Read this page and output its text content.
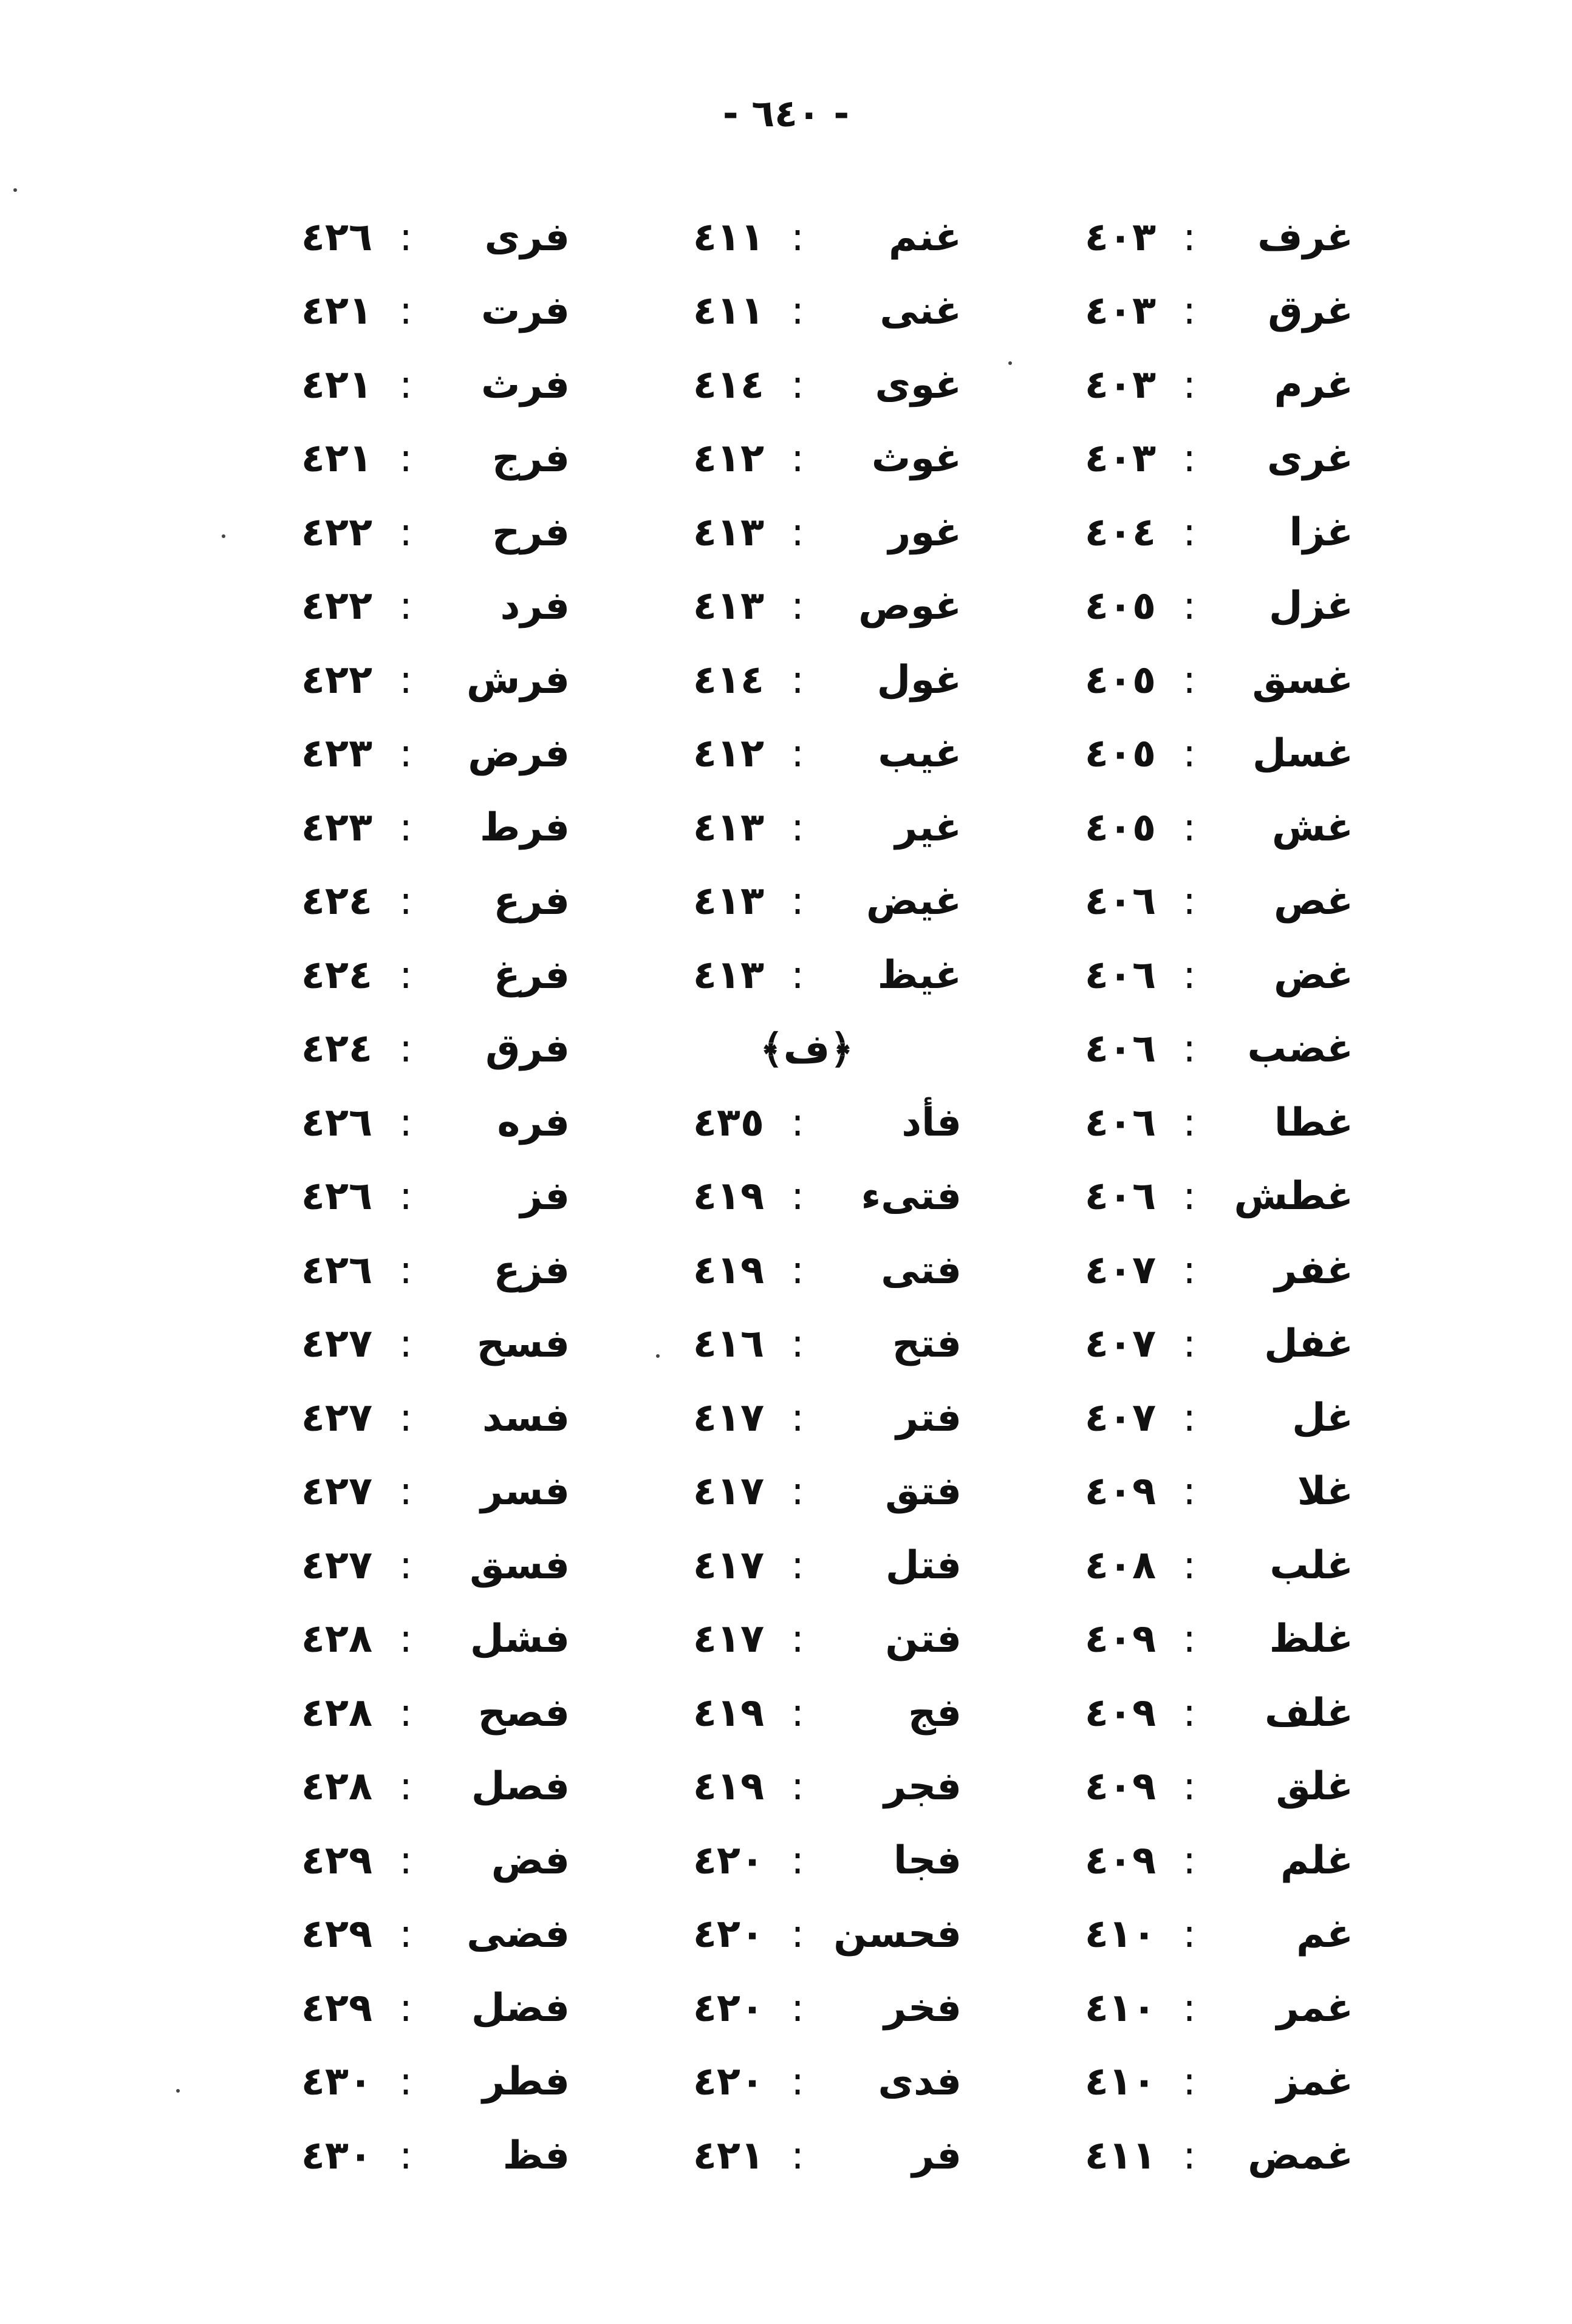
- ٦٤٠ -
غرف
:
٤٠٣
غرق
:
٤٠٣
غرم
:
٤٠٣
غرى
:
٤٠٣
غزا
:
٤٠٤
غزل
:
٤٠٥
غسق
:
٤٠٥
غسل
:
٤٠٥
غش
:
٤٠٥
غص
:
٤٠٦
غض
:
٤٠٦
غضب
:
٤٠٦
غطا
:
٤٠٦
غطش
:
٤٠٦
غفر
:
٤٠٧
غفل
:
٤٠٧
غل
:
٤٠٧
غلا
:
٤٠٩
غلب
:
٤٠٨
غلظ
:
٤٠٩
غلف
:
٤٠٩
غلق
:
٤٠٩
غلم
:
٤٠٩
غم
:
٤١٠
غمر
:
٤١٠
غمز
:
٤١٠
غمض
:
٤١١
غنم
:
٤١١
غنى
:
٤١١
غوى
:
٤١٤
غوث
:
٤١٢
غور
:
٤١٣
غوص
:
٤١٣
غول
:
٤١٤
غيب
:
٤١٢
غير
:
٤١٣
غيض
:
٤١٣
غيظ
:
٤١٣
﴿ف﴾
فأد
:
٤٣٥
فتىء
:
٤١٩
فتى
:
٤١٩
فتح
:
٤١٦
فتر
:
٤١٧
فتق
:
٤١٧
فتل
:
٤١٧
فتن
:
٤١٧
فج
:
٤١٩
فجر
:
٤١٩
فجا
:
٤٢٠
فحسن
:
٤٢٠
فخر
:
٤٢٠
فدى
:
٤٢٠
فر
:
٤٢١
فرى
:
٤٢٦
فرت
:
٤٢١
فرث
:
٤٢١
فرج
:
٤٢١
فرح
:
٤٢٢
فرد
:
٤٢٢
فرش
:
٤٢٢
فرض
:
٤٢٣
فرط
:
٤٢٣
فرع
:
٤٢٤
فرغ
:
٤٢٤
فرق
:
٤٢٤
فره
:
٤٢٦
فز
:
٤٢٦
فزع
:
٤٢٦
فسح
:
٤٢٧
فسد
:
٤٢٧
فسر
:
٤٢٧
فسق
:
٤٢٧
فشل
:
٤٢٨
فصح
:
٤٢٨
فصل
:
٤٢٨
فض
:
٤٢٩
فضى
:
٤٢٩
فضل
:
٤٢٩
فطر
:
٤٣٠
فظ
:
٤٣٠
